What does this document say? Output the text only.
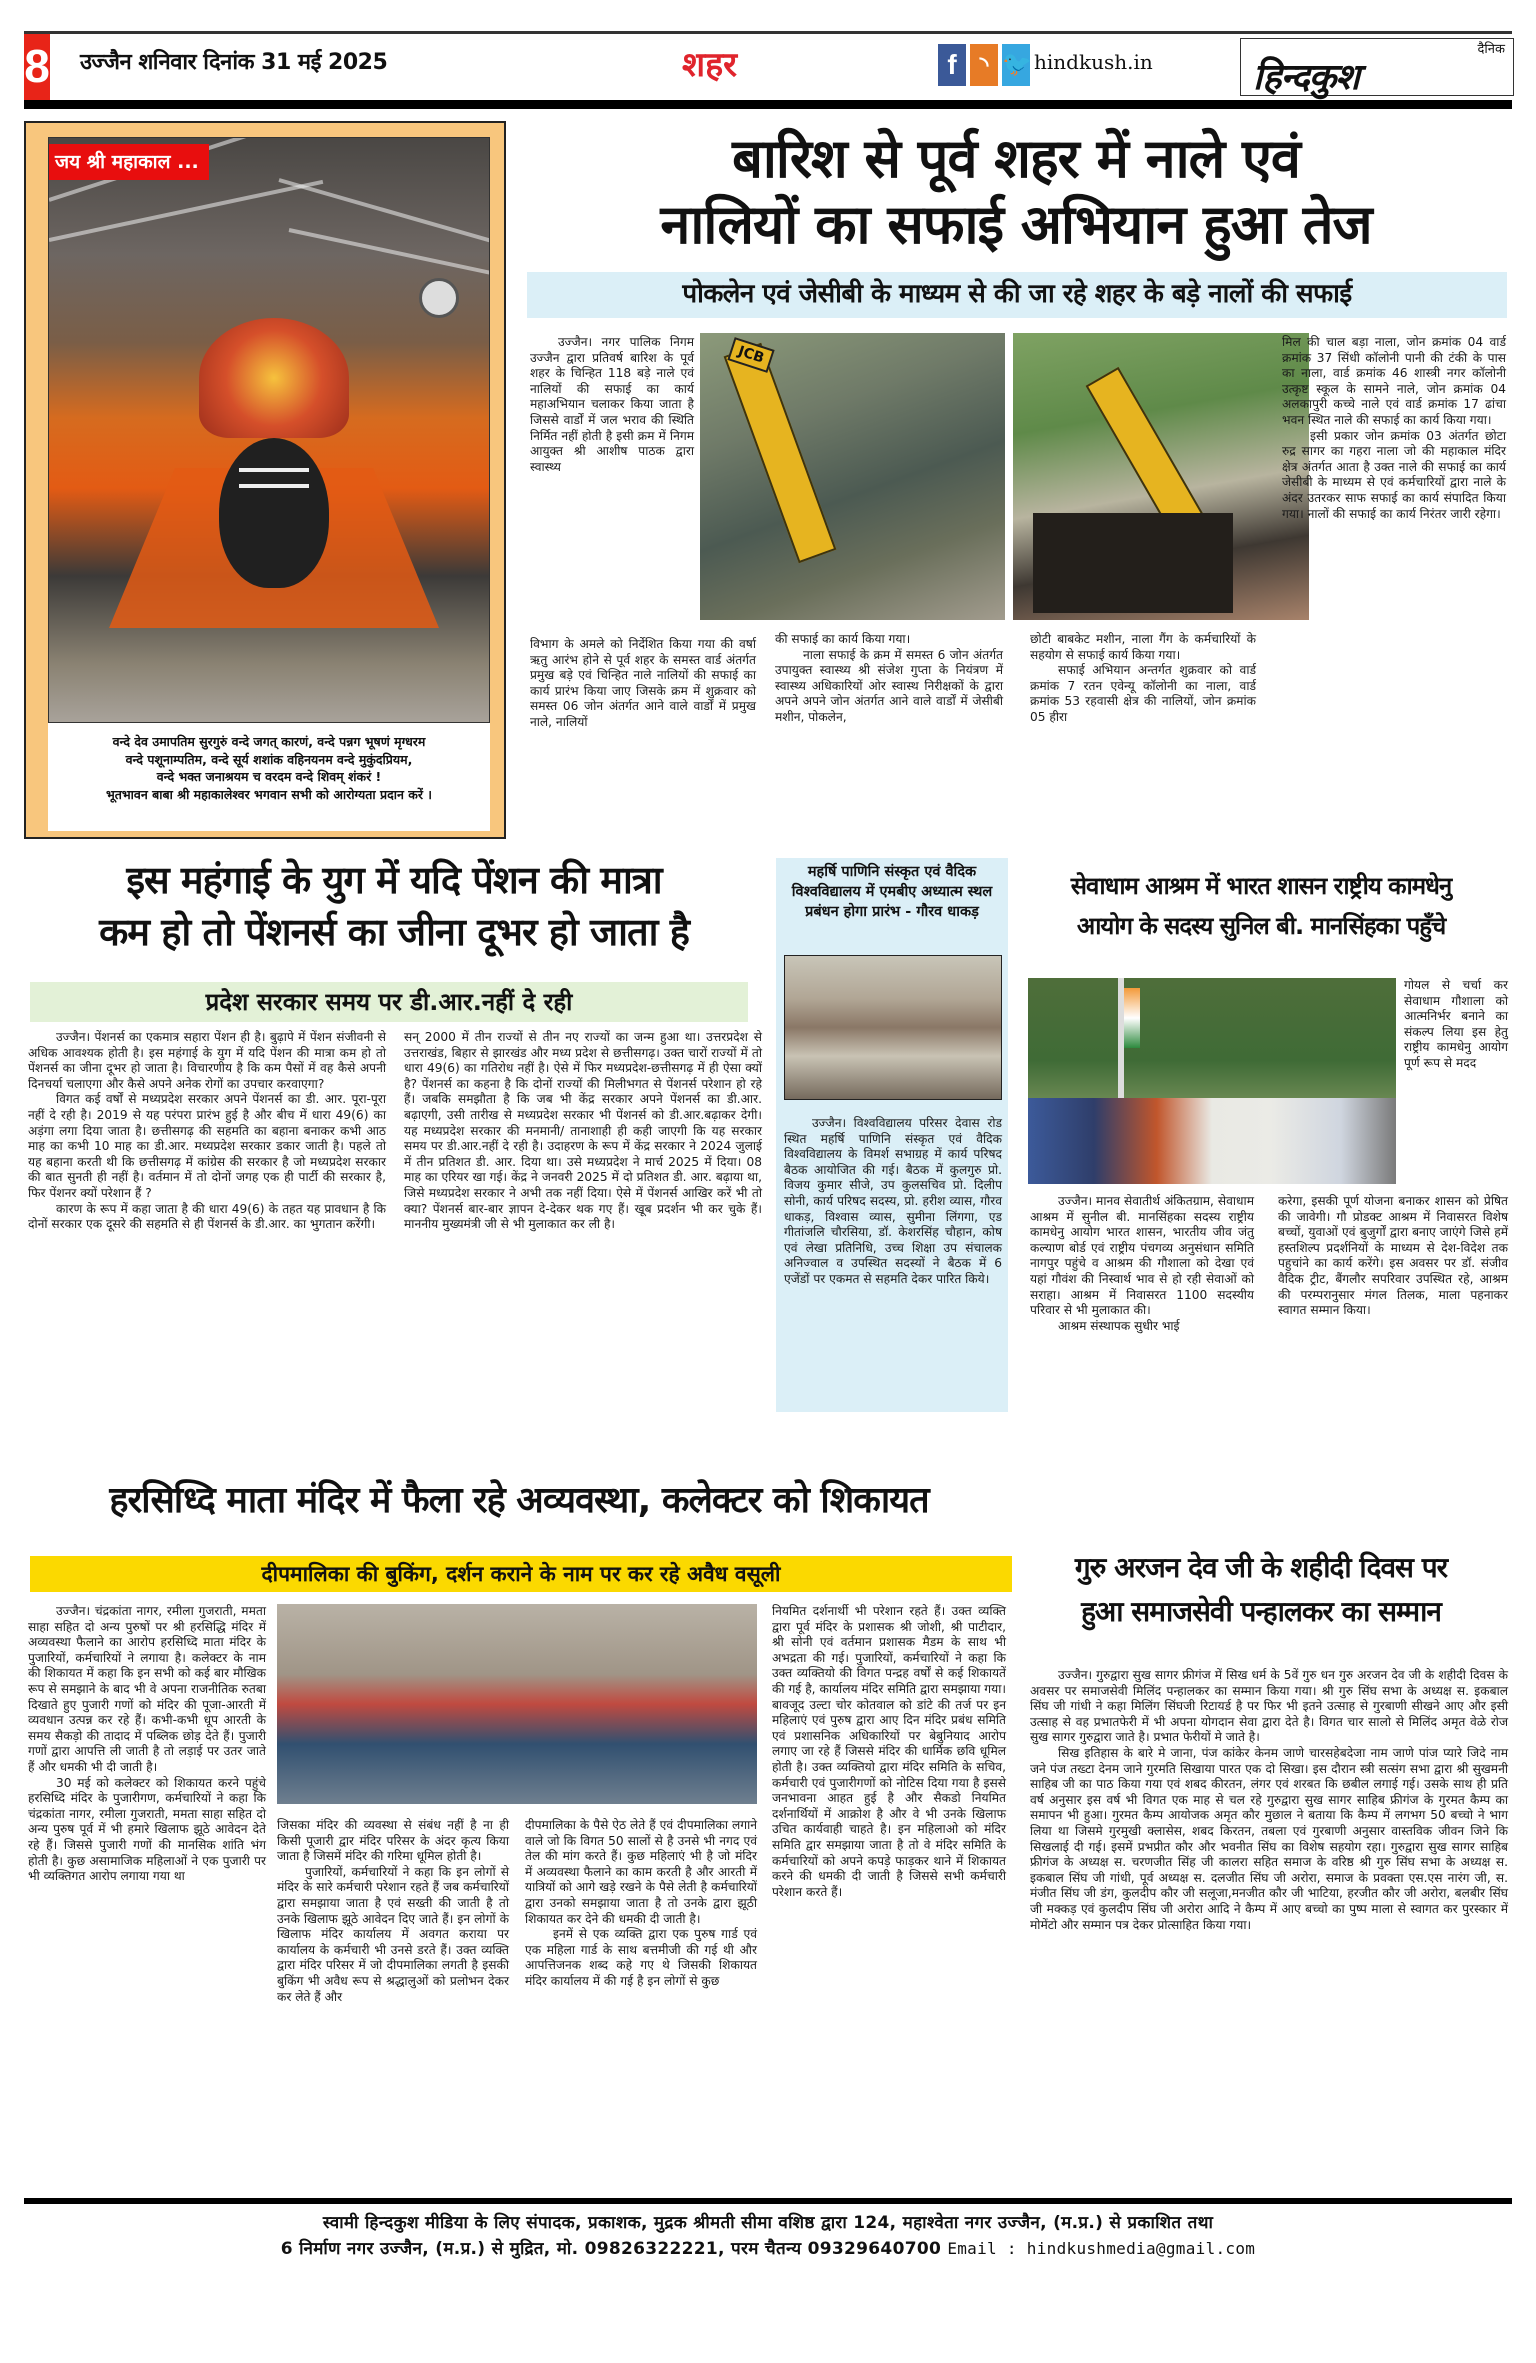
8 उज्जैन शनिवार दिनांक 31 मई 2025	शहर	f	◝ 🐦 hindkush.in
दैनिक
हिन्दकुश
जय श्री महाकाल ...
वन्दे देव उमापतिम सुरगुरुं वन्दे जगत् कारणं, वन्दे पन्नग भूषणं मृग्धरम
वन्दे पशूनाम्पतिम, वन्दे सूर्य शशांक वहिनयनम वन्दे मुकुंदप्रियम,
वन्दे भक्त जनाश्रयम च वरदम वन्दे शिवम् शंकरं !
भूतभावन बाबा श्री महाकालेश्वर भगवान सभी को आरोग्यता प्रदान करें ।
बारिश से पूर्व शहर में नाले एवं
नालियों का सफाई अभियान हुआ तेज
पोकलेन एवं जेसीबी के माध्यम से की जा रहे शहर के बड़े नालों की सफाई

उज्जैन। नगर पालिक निगम उज्जैन द्वारा प्रतिवर्ष बारिश के पूर्व शहर के चिन्हित 118 बड़े नाले एवं नालियों की सफाई का कार्य महाअभियान चलाकर किया जाता है जिससे वार्डों में जल भराव की स्थिति निर्मित नहीं होती है इसी क्रम में निगम आयुक्त श्री आशीष पाठक द्वारा स्वास्थ्य

विभाग के अमले को निर्देशित किया गया की वर्षा ऋतु आरंभ होने से पूर्व शहर के समस्त वार्ड अंतर्गत प्रमुख बड़े एवं चिन्हित नाले नालियों की सफाई का कार्य प्रारंभ किया जाए जिसके क्रम में शुक्रवार को समस्त 06 जोन अंतर्गत आने वाले वार्डों में प्रमुख नाले, नालियों

JCB

की सफाई का कार्य किया गया।

नाला सफाई के क्रम में समस्त 6 जोन अंतर्गत उपायुक्त स्वास्थ्य श्री संजेश गुप्ता के नियंत्रण में स्वास्थ्य अधिकारियों ओर स्वास्थ निरीक्षकों के द्वारा अपने अपने जोन अंतर्गत आने वाले वार्डों में जेसीबी मशीन, पोकलेन,

छोटी बाबकेट मशीन, नाला गैंग के कर्मचारियों के सहयोग से सफाई कार्य किया गया।

सफाई अभियान अन्तर्गत शुक्रवार को वार्ड क्रमांक 7 रतन एवेन्यू कॉलोनी का नाला, वार्ड क्रमांक 53 रहवासी क्षेत्र की नालियों, जोन क्रमांक 05 हीरा

मिल की चाल बड़ा नाला, जोन क्रमांक 04 वार्ड क्रमांक 37 सिंधी कॉलोनी पानी की टंकी के पास का नाला, वार्ड क्रमांक 46 शास्त्री नगर कॉलोनी उत्कृष्ट स्कूल के सामने नाले, जोन क्रमांक 04 अलकापुरी कच्चे नाले एवं वार्ड क्रमांक 17 ढांचा भवन स्थित नाले की सफाई का कार्य किया गया।

इसी प्रकार जोन क्रमांक 03 अंतर्गत छोटा रुद्र सागर का गहरा नाला जो की महाकाल मंदिर क्षेत्र अंतर्गत आता है उक्त नाले की सफाई का कार्य जेसीबी के माध्यम से एवं कर्मचारियों द्वारा नाले के अंदर उतरकर साफ सफाई का कार्य संपादित किया गया। नालों की सफाई का कार्य निरंतर जारी रहेगा।

इस महंगाई के युग में यदि पेंशन की मात्रा
कम हो तो पेंशनर्स का जीना दूभर हो जाता है
प्रदेश सरकार समय पर डी.आर.नहीं दे रही

उज्जैन। पेंशनर्स का एकमात्र सहारा पेंशन ही है। बुढ़ापे में पेंशन संजीवनी से अधिक आवश्यक होती है। इस महंगाई के युग में यदि पेंशन की मात्रा कम हो तो पेंशनर्स का जीना दूभर हो जाता है। विचारणीय है कि कम पैसों में वह कैसे अपनी दिनचर्या चलाएगा और कैसे अपने अनेक रोगों का उपचार करवाएगा?

विगत कई वर्षों से मध्यप्रदेश सरकार अपने पेंशनर्स का डी. आर. पूरा-पूरा नहीं दे रही है। 2019 से यह परंपरा प्रारंभ हुई है और बीच में धारा 49(6) का अड़ंगा लगा दिया जाता है। छत्तीसगढ़ की सहमति का बहाना बनाकर कभी आठ माह का कभी 10 माह का डी.आर. मध्यप्रदेश सरकार डकार जाती है। पहले तो यह बहाना करती थी कि छत्तीसगढ़ में कांग्रेस की सरकार है जो मध्यप्रदेश सरकार की बात सुनती ही नहीं है। वर्तमान में तो दोनों जगह एक ही पार्टी की सरकार है, फिर पेंशनर क्यों परेशान हैं ?

कारण के रूप में कहा जाता है की धारा 49(6) के तहत यह प्रावधान है कि दोनों सरकार एक दूसरे की सहमति से ही पेंशनर्स के डी.आर. का भुगतान करेंगी।

सन् 2000 में तीन राज्यों से तीन नए राज्यों का जन्म हुआ था। उत्तरप्रदेश से उत्तराखंड, बिहार से झारखंड और मध्य प्रदेश से छत्तीसगढ़। उक्त चारों राज्यों में तो धारा 49(6) का गतिरोध नहीं है। ऐसे में फिर मध्यप्रदेश-छत्तीसगढ़ में ही ऐसा क्यों है? पेंशनर्स का कहना है कि दोनों राज्यों की मिलीभगत से पेंशनर्स परेशान हो रहे हैं। जबकि समझौता है कि जब भी केंद्र सरकार अपने पेंशनर्स का डी.आर. बढ़ाएगी, उसी तारीख से मध्यप्रदेश सरकार भी पेंशनर्स को डी.आर.बढ़ाकर देगी। यह मध्यप्रदेश सरकार की मनमानी/ तानाशाही ही कही जाएगी कि यह सरकार समय पर डी.आर.नहीं दे रही है। उदाहरण के रूप में केंद्र सरकार ने 2024 जुलाई में तीन प्रतिशत डी. आर. दिया था। उसे मध्यप्रदेश ने मार्च 2025 में दिया। 08 माह का एरियर खा गई। केंद्र ने जनवरी 2025 में दो प्रतिशत डी. आर. बढ़ाया था, जिसे मध्यप्रदेश सरकार ने अभी तक नहीं दिया। ऐसे में पेंशनर्स आखिर करें भी तो क्या? पेंशनर्स बार-बार ज्ञापन दे-देकर थक गए हैं। खूब प्रदर्शन भी कर चुके हैं। माननीय मुख्यमंत्री जी से भी मुलाकात कर ली है।

महर्षि पाणिनि संस्कृत एवं वैदिक विश्वविद्यालय में एमबीए अध्यात्म स्थल प्रबंधन होगा प्रारंभ - गौरव धाकड़

उज्जैन। विश्वविद्यालय परिसर देवास रोड स्थित महर्षि पाणिनि संस्कृत एवं वैदिक विश्वविद्यालय के विमर्श सभाग्रह में कार्य परिषद बैठक आयोजित की गई। बैठक में कुलगुरु प्रो. विजय कुमार सीजे, उप कुलसचिव प्रो. दिलीप सोनी, कार्य परिषद सदस्य, प्रो. हरीश व्यास, गौरव धाकड़, विश्वास व्यास, सुमीना लिंगगा, एड गीतांजलि चौरसिया, डॉ. केशरसिंह चौहान, कोष एवं लेखा प्रतिनिधि, उच्च शिक्षा उप संचालक अनिज्वाल व उपस्थित सदस्यों ने बैठक में 6 एजेंडों पर एकमत से सहमति देकर पारित किये।

सेवाधाम आश्रम में भारत शासन राष्ट्रीय कामधेनु
आयोग के सदस्य सुनिल बी. मानसिंहका पहुँचे

गोयल से चर्चा कर सेवाधाम गौशाला को आत्मनिर्भर बनाने का संकल्प लिया इस हेतु राष्ट्रीय कामधेनु आयोग पूर्ण रूप से मदद

उज्जैन। मानव सेवातीर्थ अंकितग्राम, सेवाधाम आश्रम में सुनील बी. मानसिंहका सदस्य राष्ट्रीय कामधेनु आयोग भारत शासन, भारतीय जीव जंतु कल्याण बोर्ड एवं राष्ट्रीय पंचगव्य अनुसंधान समिति नागपुर पहुंचे व आश्रम की गौशाला को देखा एवं यहां गौवंश की निस्वार्थ भाव से हो रही सेवाओं को सराहा। आश्रम में निवासरत 1100 सदस्यीय परिवार से भी मुलाकात की।

आश्रम संस्थापक सुधीर भाई

करेगा, इसकी पूर्ण योजना बनाकर शासन को प्रेषित की जावेगी। गौ प्रोडक्ट आश्रम में निवासरत विशेष बच्चों, युवाओं एवं बुजुर्गों द्वारा बनाए जाएंगे जिसे हमें हस्तशिल्प प्रदर्शनियों के माध्यम से देश-विदेश तक पहुचांने का कार्य करेंगे। इस अवसर पर डॉ. संजीव वैदिक ट्रीट, बैंगलौर सपरिवार उपस्थित रहे, आश्रम की परम्परानुसार मंगल तिलक, माला पहनाकर स्वागत सम्मान किया।

हरसिध्दि माता मंदिर में फैला रहे अव्यवस्था, कलेक्टर को शिकायत
दीपमालिका की बुकिंग, दर्शन कराने के नाम पर कर रहे अवैध वसूली

उज्जैन। चंद्रकांता नागर, रमीला गुजराती, ममता साहा सहित दो अन्य पुरुषों पर श्री हरसिद्धि मंदिर में अव्यवस्था फैलाने का आरोप हरसिध्दि माता मंदिर के पुजारियों, कर्मचारियों ने लगाया है। कलेक्टर के नाम की शिकायत में कहा कि इन सभी को कई बार मौखिक रूप से समझाने के बाद भी वे अपना राजनीतिक रुतबा दिखाते हुए पुजारी गणों को मंदिर की पूजा-आरती में व्यवधान उत्पन्न कर रहे हैं। कभी-कभी धूप आरती के समय सैकड़ो की तादाद में पब्लिक छोड़ देते हैं। पुजारी गणों द्वारा आपत्ति ली जाती है तो लड़ाई पर उतर जाते हैं और धमकी भी दी जाती है।

30 मई को कलेक्टर को शिकायत करने पहुंचे हरसिध्दि मंदिर के पुजारीगण, कर्मचारियों ने कहा कि चंद्रकांता नागर, रमीला गुजराती, ममता साहा सहित दो अन्य पुरुष पूर्व में भी हमारे खिलाफ झूठे आवेदन देते रहे हैं। जिससे पुजारी गणों की मानसिक शांति भंग होती है। कुछ असामाजिक महिलाओं ने एक पुजारी पर भी व्यक्तिगत आरोप लगाया गया था

जिसका मंदिर की व्यवस्था से संबंध नहीं है ना ही किसी पूजारी द्वार मंदिर परिसर के अंदर कृत्य किया जाता है जिसमें मंदिर की गरिमा धूमिल होती है।

पुजारियों, कर्मचारियों ने कहा कि इन लोगों से मंदिर के सारे कर्मचारी परेशान रहते हैं जब कर्मचारियों द्वारा समझाया जाता है एवं सख्ती की जाती है तो उनके खिलाफ झूठे आवेदन दिए जाते हैं। इन लोगों के खिलाफ मंदिर कार्यालय में अवगत कराया पर कार्यालय के कर्मचारी भी उनसे डरते हैं। उक्त व्यक्ति द्वारा मंदिर परिसर में जो दीपमालिका लगती है इसकी बुकिंग भी अवैध रूप से श्रद्धालुओं को प्रलोभन देकर कर लेते हैं और

दीपमालिका के पैसे ऐठ लेते हैं एवं दीपमालिका लगाने वाले जो कि विगत 50 सालों से है उनसे भी नगद एवं तेल की मांग करते हैं। कुछ महिलाएं भी है जो मंदिर में अव्यवस्था फैलाने का काम करती है और आरती में यात्रियों को आगे खड़े रखने के पैसे लेती है कर्मचारियों द्वारा उनको समझाया जाता है तो उनके द्वारा झूठी शिकायत कर देने की धमकी दी जाती है।

इनमें से एक व्यक्ति द्वारा एक पुरुष गार्ड एवं एक महिला गार्ड के साथ बत्तमीजी की गई थी और आपत्तिजनक शब्द कहे गए थे जिसकी शिकायत मंदिर कार्यालय में की गई है इन लोगों से कुछ

नियमित दर्शनार्थी भी परेशान रहते हैं। उक्त व्यक्ति द्वारा पूर्व मंदिर के प्रशासक श्री जोशी, श्री पाटीदार, श्री सोनी एवं वर्तमान प्रशासक मैडम के साथ भी अभद्रता की गई। पुजारियों, कर्मचारियों ने कहा कि उक्त व्यक्तियो की विगत पन्द्रह वर्षों से कई शिकायतें की गई है, कार्यालय मंदिर समिति द्वारा समझाया गया। बावजूद उल्टा चोर कोतवाल को डांटे की तर्ज पर इन महिलाएं एवं पुरुष द्वारा आए दिन मंदिर प्रबंध समिति एवं प्रशासनिक अधिकारियों पर बेबुनियाद आरोप लगाए जा रहे हैं जिससे मंदिर की धार्मिक छवि धूमिल होती है। उक्त व्यक्तियो द्वारा मंदिर समिति के सचिव, कर्मचारी एवं पुजारीगणों को नोटिस दिया गया है इससे जनभावना आहत हुई है और सैकडो नियमित दर्शनार्थियों में आक्रोश है और वे भी उनके खिलाफ उचित कार्यवाही चाहते है। इन महिलाओ को मंदिर समिति द्वार समझाया जाता है तो वे मंदिर समिति के कर्मचारियों को अपने कपड़े फाड़कर थाने में शिकायत करने की धमकी दी जाती है जिससे सभी कर्मचारी परेशान करते हैं।

गुरु अरजन देव जी के शहीदी दिवस पर
हुआ समाजसेवी पन्हालकर का सम्मान

उज्जैन। गुरुद्वारा सुख सागर फ्रीगंज में सिख धर्म के 5वें गुरु धन गुरु अरजन देव जी के शहीदी दिवस के अवसर पर समाजसेवी मिलिंद पन्हालकर का सम्मान किया गया। श्री गुरु सिंघ सभा के अध्यक्ष स. इकबाल सिंघ जी गांधी ने कहा मिलिंग सिंघजी रिटायर्ड है पर फिर भी इतने उत्साह से गुरबाणी सीखने आए और इसी उत्साह से वह प्रभातफेरी में भी अपना योगदान सेवा द्वारा देते है। विगत चार सालो से मिलिंद अमृत वेळे रोज सुख सागर गुरुद्वारा जाते है। प्रभात फेरीयों मे जाते है।

सिख इतिहास के बारे मे जाना, पंज कांकेर केनम जाणे चारसहेबदेजा नाम जाणे पांज प्यारे जिदे नाम जने पंज तख्टा देनम जाने गुरमति सिखाया पारत एक दो सिखा। इस दौरान स्त्री सत्संग सभा द्वारा श्री सुखमनी साहिब जी का पाठ किया गया एवं शबद कीरतन, लंगर एवं शरबत कि छबील लगाई गई। उसके साथ ही प्रति वर्ष अनुसार इस वर्ष भी विगत एक माह से चल रहे गुरुद्वारा सुख सागर साहिब फ्रीगंज के गुरमत कैम्प का समापन भी हुआ। गुरमत कैम्प आयोजक अमृत कौर मुछाल ने बताया कि कैम्प में लगभग 50 बच्चो ने भाग लिया था जिसमे गुरमुखी क्लासेस, शबद किरतन, तबला एवं गुरबाणी अनुसार वास्तविक जीवन जिने कि सिखलाई दी गई। इसमें प्रभप्रीत कौर और भवनीत सिंघ का विशेष सहयोग रहा। गुरुद्वारा सुख सागर साहिब फ्रीगंज के अध्यक्ष स. चरणजीत सिंह जी कालरा सहित समाज के वरिष्ठ श्री गुरु सिंघ सभा के अध्यक्ष स. इकबाल सिंघ जी गांधी, पूर्व अध्यक्ष स. दलजीत सिंघ जी अरोरा, समाज के प्रवक्ता एस.एस नारंग जी, स. मंजीत सिंघ जी डंग, कुलदीप कौर जी सलूजा,मनजीत कौर जी भाटिया, हरजीत कौर जी अरोरा, बलबीर सिंघ जी मक्कड़ एवं कुलदीप सिंघ जी अरोरा आदि ने कैम्प में आए बच्चो का पुष्प माला से स्वागत कर पुरस्कार में मोमेंटो और सम्मान पत्र देकर प्रोत्साहित किया गया।

स्वामी हिन्दकुश मीडिया के लिए संपादक, प्रकाशक, मुद्रक श्रीमती सीमा वशिष्ठ द्वारा 124, महाश्वेता नगर उज्जैन, (म.प्र.) से प्रकाशित तथा
6 निर्माण नगर उज्जैन, (म.प्र.) से मुद्रित, मो. 09826322221, परम चैतन्य 09329640700 Email : hindkushmedia@gmail.com
